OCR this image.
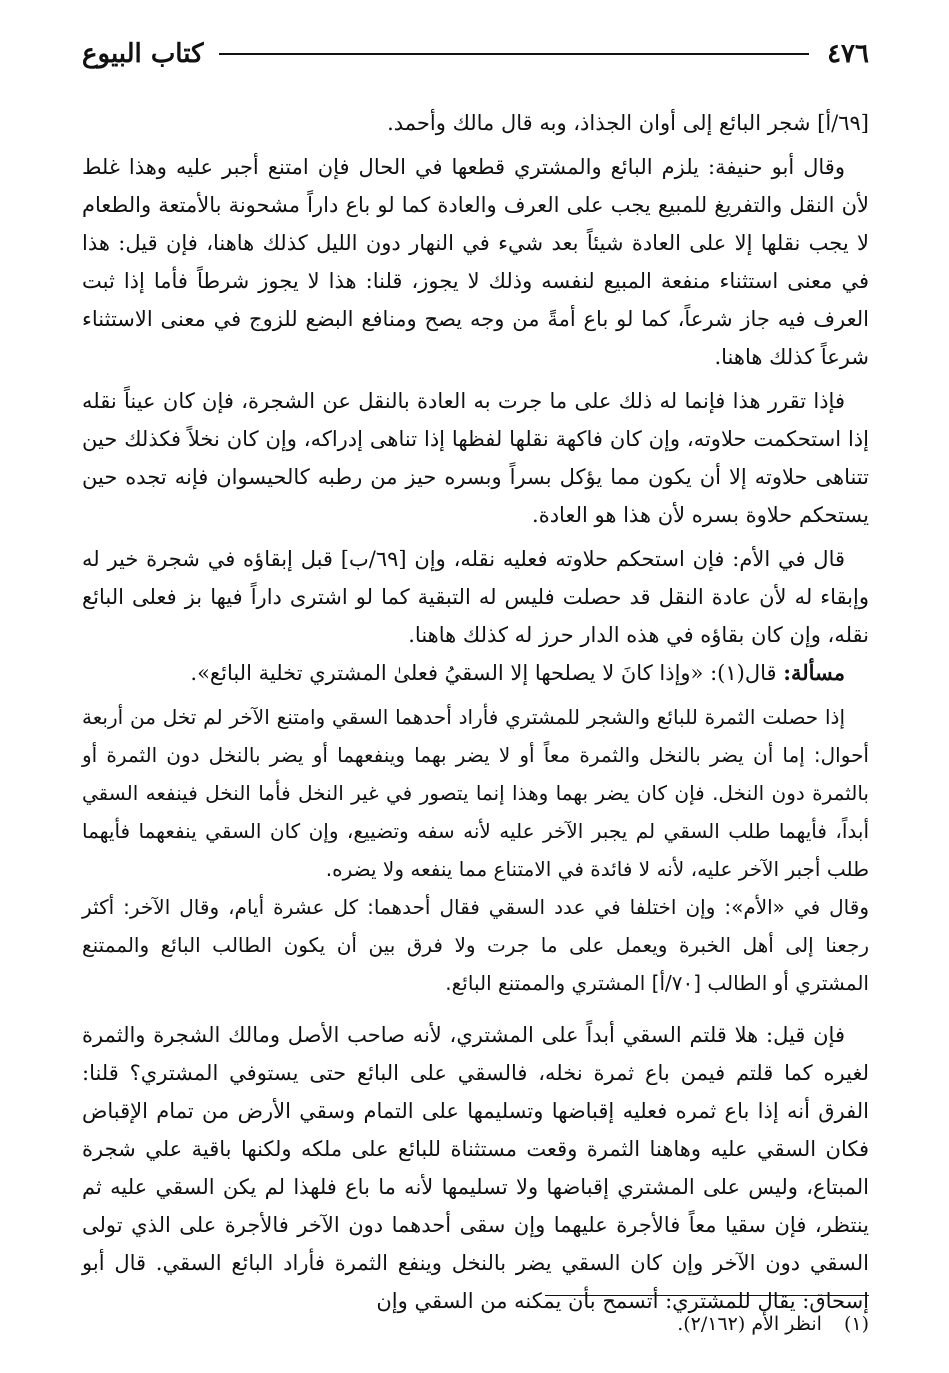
٤٧٦
كتاب البيوع

[٦٩/أ] شجر البائع إلى أوان الجذاذ، وبه قال مالك وأحمد.

وقال أبو حنيفة: يلزم البائع والمشتري قطعها في الحال فإن امتنع أجبر عليه وهذا غلط لأن النقل والتفريغ للمبيع يجب على العرف والعادة كما لو باع داراً مشحونة بالأمتعة والطعام لا يجب نقلها إلا على العادة شيئاً بعد شيء في النهار دون الليل كذلك هاهنا، فإن قيل: هذا في معنى استثناء منفعة المبيع لنفسه وذلك لا يجوز، قلنا: هذا لا يجوز شرطاً فأما إذا ثبت العرف فيه جاز شرعاً، كما لو باع أمةً من وجه يصح ومنافع البضع للزوج في معنى الاستثناء شرعاً كذلك هاهنا.

فإذا تقرر هذا فإنما له ذلك على ما جرت به العادة بالنقل عن الشجرة، فإن كان عيناً نقله إذا استحكمت حلاوته، وإن كان فاكهة نقلها لفظها إذا تناهى إدراكه، وإن كان نخلاً فكذلك حين تتناهى حلاوته إلا أن يكون مما يؤكل بسراً وبسره حيز من رطبه كالحيسوان فإنه تجده حين يستحكم حلاوة بسره لأن هذا هو العادة.

قال في الأم: فإن استحكم حلاوته فعليه نقله، وإن [٦٩/ب] قبل إبقاؤه في شجرة خير له وإبقاء له لأن عادة النقل قد حصلت فليس له التبقية كما لو اشترى داراً فيها بز فعلى البائع نقله، وإن كان بقاؤه في هذه الدار حرز له كذلك هاهنا.

مسألة: قال(١): «وإذا كانَ لا يصلحها إلا السقيُ فعلىٰ المشتري تخلية البائع».

إذا حصلت الثمرة للبائع والشجر للمشتري فأراد أحدهما السقي وامتنع الآخر لم تخل من أربعة أحوال: إما أن يضر بالنخل والثمرة معاً أو لا يضر بهما وينفعهما أو يضر بالنخل دون الثمرة أو بالثمرة دون النخل. فإن كان يضر بهما وهذا إنما يتصور في غير النخل فأما النخل فينفعه السقي أبداً، فأيهما طلب السقي لم يجبر الآخر عليه لأنه سفه وتضييع، وإن كان السقي ينفعهما فأيهما طلب أجبر الآخر عليه، لأنه لا فائدة في الامتناع مما ينفعه ولا يضره.

وقال في «الأم»: وإن اختلفا في عدد السقي فقال أحدهما: كل عشرة أيام، وقال الآخر: أكثر رجعنا إلى أهل الخبرة ويعمل على ما جرت ولا فرق بين أن يكون الطالب البائع والممتنع المشتري أو الطالب [٧٠/أ] المشتري والممتنع البائع.

فإن قيل: هلا قلتم السقي أبداً على المشتري، لأنه صاحب الأصل ومالك الشجرة والثمرة لغيره كما قلتم فيمن باع ثمرة نخله، فالسقي على البائع حتى يستوفي المشتري؟ قلنا: الفرق أنه إذا باع ثمره فعليه إقباضها وتسليمها على التمام وسقي الأرض من تمام الإقباض فكان السقي عليه وهاهنا الثمرة وقعت مستثناة للبائع على ملكه ولكنها باقية علي شجرة المبتاع، وليس على المشتري إقباضها ولا تسليمها لأنه ما باع فلهذا لم يكن السقي عليه ثم ينتظر، فإن سقيا معاً فالأجرة عليهما وإن سقى أحدهما دون الآخر فالأجرة على الذي تولى السقي دون الآخر وإن كان السقي يضر بالنخل وينفع الثمرة فأراد البائع السقي. قال أبو إسحاق: يقال للمشتري: أتسمح بأن يمكنه من السقي وإن

(١) انظر الأم (٢/١٦٢).
